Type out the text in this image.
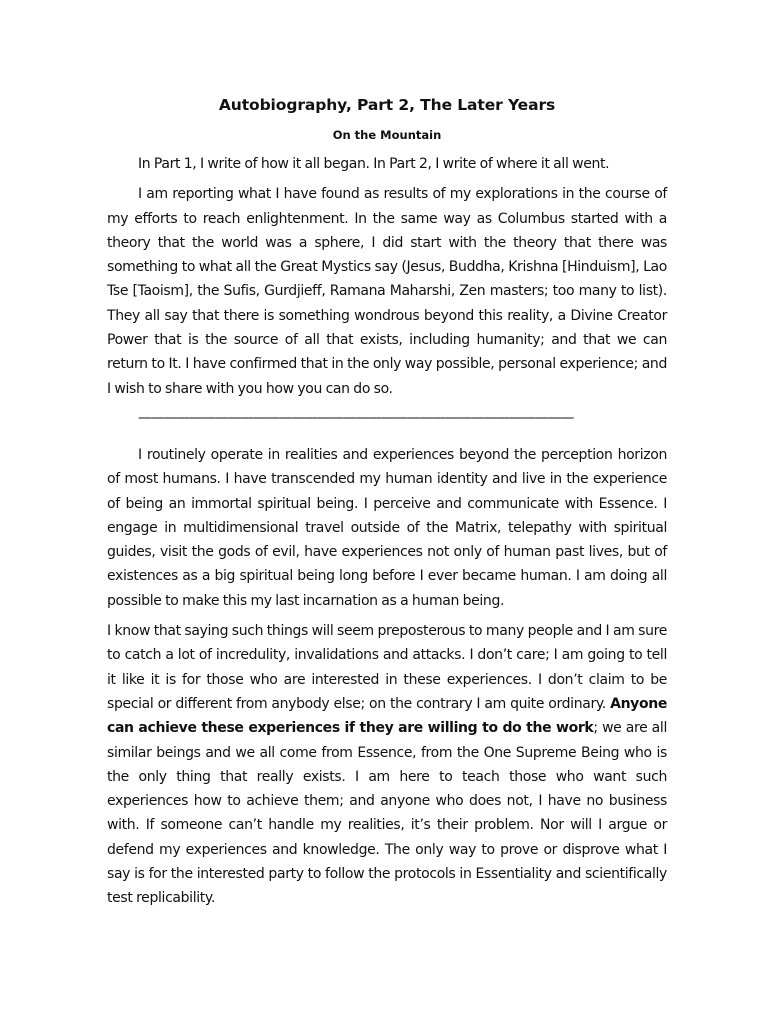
Autobiography, Part 2, The Later Years
On the Mountain

In Part 1, I write of how it all began. In Part 2, I write of where it all went.

I am reporting what I have found as results of my explorations in the course of my efforts to reach enlightenment. In the same way as Columbus started with a theory that the world was a sphere, I did start with the theory that there was something to what all the Great Mystics say (Jesus, Buddha, Krishna [Hinduism], Lao Tse [Taoism], the Sufis, Gurdjieff, Ramana Maharshi, Zen masters; too many to list). They all say that there is something wondrous beyond this reality, a Divine Creator Power that is the source of all that exists, including humanity; and that we can return to It. I have confirmed that in the only way possible, personal experience; and I wish to share with you how you can do so.

——————————————————————————————————

I routinely operate in realities and experiences beyond the perception horizon of most humans. I have transcended my human identity and live in the experience of being an immortal spiritual being. I perceive and communicate with Essence. I engage in multidimensional travel outside of the Matrix, telepathy with spiritual guides, visit the gods of evil, have experiences not only of human past lives, but of existences as a big spiritual being long before I ever became human. I am doing all possible to make this my last incarnation as a human being.

I know that saying such things will seem preposterous to many people and I am sure to catch a lot of incredulity, invalidations and attacks. I don’t care; I am going to tell it like it is for those who are interested in these experiences. I don’t claim to be special or different from anybody else; on the contrary I am quite ordinary. Anyone can achieve these experiences if they are willing to do the work; we are all similar beings and we all come from Essence, from the One Supreme Being who is the only thing that really exists. I am here to teach those who want such experiences how to achieve them; and anyone who does not, I have no business with. If someone can’t handle my realities, it’s their problem. Nor will I argue or defend my experiences and knowledge. The only way to prove or disprove what I say is for the interested party to follow the protocols in Essentiality and scientifically test replicability.
